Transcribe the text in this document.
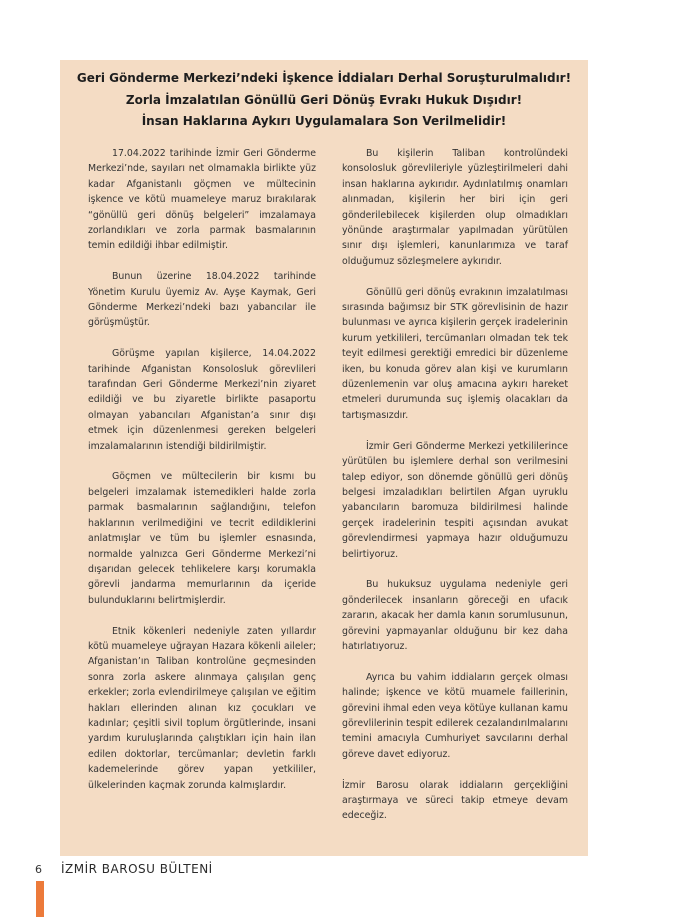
Geri Gönderme Merkezi’ndeki İşkence İddiaları Derhal Soruşturulmalıdır!
Zorla İmzalatılan Gönüllü Geri Dönüş Evrakı Hukuk Dışıdır!
İnsan Haklarına Aykırı Uygulamalara Son Verilmelidir!

17.04.2022 tarihinde İzmir Geri Gönderme Merkezi’nde, sayıları net olmamakla birlikte yüz kadar Afganistanlı göçmen ve mültecinin işkence ve kötü muameleye maruz bırakılarak “gönüllü geri dönüş belgeleri” imzalamaya zorlandıkları ve zorla parmak basmalarının temin edildiği ihbar edilmiştir.

Bunun üzerine 18.04.2022 tarihinde Yönetim Kurulu üyemiz Av. Ayşe Kaymak, Geri Gönderme Merkezi’ndeki bazı yabancılar ile görüşmüştür.

Görüşme yapılan kişilerce, 14.04.2022 tarihinde Afganistan Konsolosluk görevlileri tarafından Geri Gönderme Merkezi’nin ziyaret edildiği ve bu ziyaretle birlikte pasaportu olmayan yabancıları Afganistan’a sınır dışı etmek için düzenlenmesi gereken belgeleri imzalamalarının istendiği bildirilmiştir.

Göçmen ve mültecilerin bir kısmı bu belgeleri imzalamak istemedikleri halde zorla parmak basmalarının sağlandığını, telefon haklarının verilmediğini ve tecrit edildiklerini anlatmışlar ve tüm bu işlemler esnasında, normalde yalnızca Geri Gönderme Merkezi’ni dışarıdan gelecek tehlikelere karşı korumakla görevli jandarma memurlarının da içeride bulunduklarını belirtmişlerdir.

Etnik kökenleri nedeniyle zaten yıllardır kötü muameleye uğrayan Hazara kökenli aileler; Afganistan’ın Taliban kontrolüne geçmesinden sonra zorla askere alınmaya çalışılan genç erkekler; zorla evlendirilmeye çalışılan ve eğitim hakları ellerinden alınan kız çocukları ve kadınlar; çeşitli sivil toplum örgütlerinde, insani yardım kuruluşlarında çalıştıkları için hain ilan edilen doktorlar, tercümanlar; devletin farklı kademelerinde görev yapan yetkililer, ülkelerinden kaçmak zorunda kalmışlardır.

Bu kişilerin Taliban kontrolündeki konsolosluk görevlileriyle yüzleştirilmeleri dahi insan haklarına aykırıdır. Aydınlatılmış onamları alınmadan, kişilerin her biri için geri gönderilebilecek kişilerden olup olmadıkları yönünde araştırmalar yapılmadan yürütülen sınır dışı işlemleri, kanunlarımıza ve taraf olduğumuz sözleşmelere aykırıdır.

Gönüllü geri dönüş evrakının imzalatılması sırasında bağımsız bir STK görevlisinin de hazır bulunması ve ayrıca kişilerin gerçek iradelerinin kurum yetkilileri, tercümanları olmadan tek tek teyit edilmesi gerektiği emredici bir düzenleme iken, bu konuda görev alan kişi ve kurumların düzenlemenin var oluş amacına aykırı hareket etmeleri durumunda suç işlemiş olacakları da tartışmasızdır.

İzmir Geri Gönderme Merkezi yetkililerince yürütülen bu işlemlere derhal son verilmesini talep ediyor, son dönemde gönüllü geri dönüş belgesi imzaladıkları belirtilen Afgan uyruklu yabancıların baromuza bildirilmesi halinde gerçek iradelerinin tespiti açısından avukat görevlendirmesi yapmaya hazır olduğumuzu belirtiyoruz.

Bu hukuksuz uygulama nedeniyle geri gönderilecek insanların göreceği en ufacık zararın, akacak her damla kanın sorumlusunun, görevini yapmayanlar olduğunu bir kez daha hatırlatıyoruz.

Ayrıca bu vahim iddiaların gerçek olması halinde; işkence ve kötü muamele faillerinin, görevini ihmal eden veya kötüye kullanan kamu görevlilerinin tespit edilerek cezalandırılmalarını temini amacıyla Cumhuriyet savcılarını derhal göreve davet ediyoruz.

İzmir Barosu olarak iddiaların gerçekliğini araştırmaya ve süreci takip etmeye devam edeceğiz.

6 İZMİR BAROSU BÜLTENİ
